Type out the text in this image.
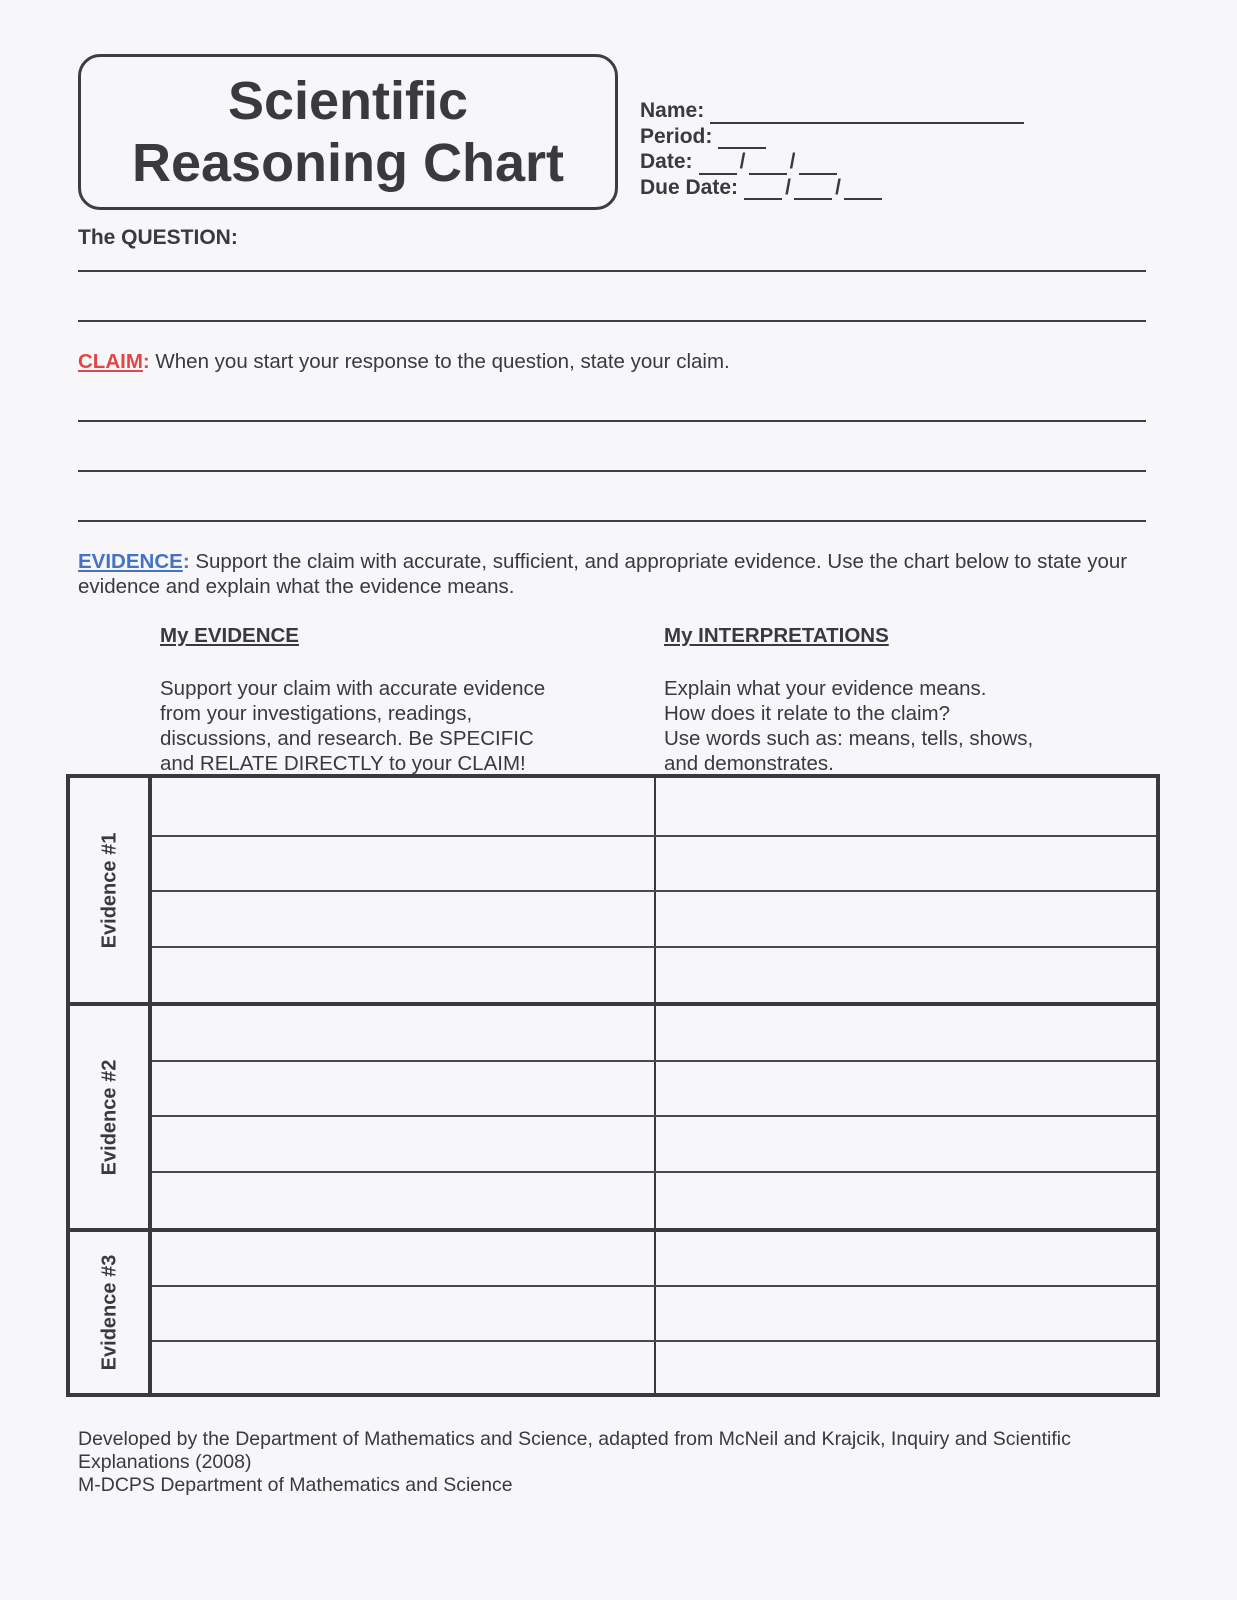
Scientific
Reasoning Chart
Name:
Period:
Date: / /
Due Date: / /
The QUESTION:
CLAIM: When you start your response to the question, state your claim.
EVIDENCE: Support the claim with accurate, sufficient, and appropriate evidence. Use the chart below to state your evidence and explain what the evidence means.
My EVIDENCE	My INTERPRETATIONS
Support your claim with accurate evidence
from your investigations, readings,
discussions, and research. Be SPECIFIC
and RELATE DIRECTLY to your CLAIM!
Explain what your evidence means.
How does it relate to the claim?
Use words such as: means, tells, shows,
and demonstrates.
Evidence #1
Evidence #2
Evidence #3
Developed by the Department of Mathematics and Science, adapted from McNeil and Krajcik, Inquiry and Scientific
Explanations (2008)
M-DCPS Department of Mathematics and Science
